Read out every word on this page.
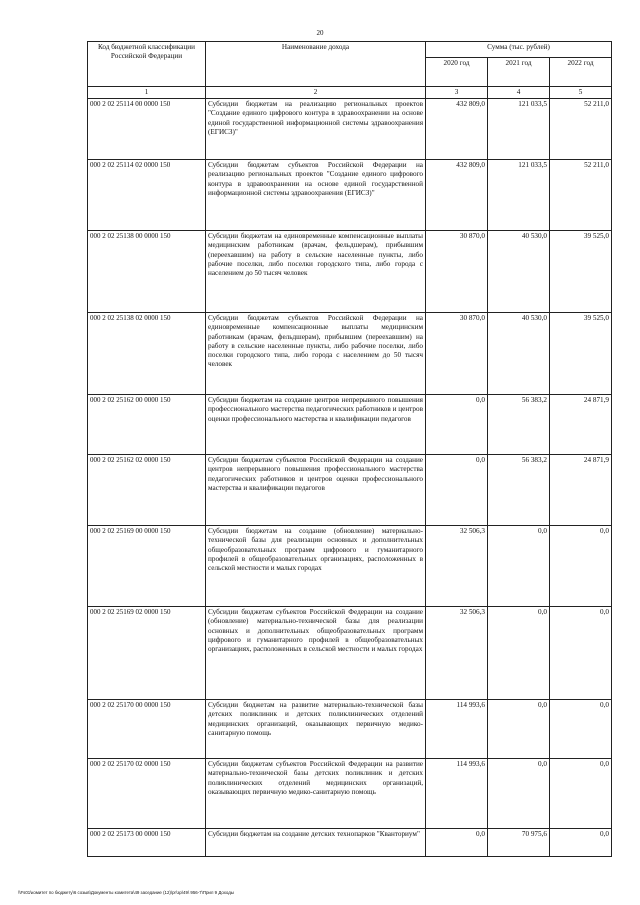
20
Код бюджетной классификации Российской Федерации	Наименование дохода	Сумма (тыс. рублей)		
		2020 год	2021 год	2022 год
1	2	3	4	5
000 2 02 25114 00 0000 150	Субсидии бюджетам на реализацию региональных проектов "Создание единого цифрового контура в здравоохранении на основе единой государственной информационной системы здравоохранения (ЕГИСЗ)"	432 809,0	121 033,5	52 211,0
000 2 02 25114 02 0000 150	Субсидии бюджетам субъектов Российской Федерации на реализацию региональных проектов "Создание единого цифрового контура в здравоохранении на основе единой государственной информационной системы здравоохранения (ЕГИСЗ)"	432 809,0	121 033,5	52 211,0
000 2 02 25138 00 0000 150	Субсидии бюджетам на единовременные компенсационные выплаты медицинским работникам (врачам, фельдшерам), прибывшим (переехавшим) на работу в сельские населенные пункты, либо рабочие поселки, либо поселки городского типа, либо города с населением до 50 тысяч человек	30 870,0	40 530,0	39 525,0
000 2 02 25138 02 0000 150	Субсидии бюджетам субъектов Российской Федерации на единовременные компенсационные выплаты медицинским работникам (врачам, фельдшерам), прибывшим (переехавшим) на работу в сельские населенные пункты, либо рабочие поселки, либо поселки городского типа, либо города с населением до 50 тысяч человек	30 870,0	40 530,0	39 525,0
000 2 02 25162 00 0000 150	Субсидии бюджетам на создание центров непрерывного повышения профессионального мастерства педагогических работников и центров оценки профессионального мастерства и квалификации педагогов	0,0	56 383,2	24 871,9
000 2 02 25162 02 0000 150	Субсидии бюджетам субъектов Российской Федерации на создание центров непрерывного повышения профессионального мастерства педагогических работников и центров оценки профессионального мастерства и квалификации педагогов	0,0	56 383,2	24 871,9
000 2 02 25169 00 0000 150	Субсидии бюджетам на создание (обновление) материально-технической базы для реализации основных и дополнительных общеобразовательных программ цифрового и гуманитарного профилей в общеобразовательных организациях, расположенных в сельской местности и малых городах	32 506,3	0,0	0,0
000 2 02 25169 02 0000 150	Субсидии бюджетам субъектов Российской Федерации на создание (обновление) материально-технической базы для реализации основных и дополнительных общеобразовательных программ цифрового и гуманитарного профилей в общеобразовательных организациях, расположенных в сельской местности и малых городах	32 506,3	0,0	0,0
000 2 02 25170 00 0000 150	Субсидии бюджетам на развитие материально-технической базы детских поликлиник и детских поликлинических отделений медицинских организаций, оказывающих первичную медико-санитарную помощь	114 993,6	0,0	0,0
000 2 02 25170 02 0000 150	Субсидии бюджетам субъектов Российской Федерации на развитие материально-технической базы детских поликлиник и детских поликлинических отделений медицинских организаций, оказывающих первичную медико-санитарную помощь	114 993,6	0,0	0,0
000 2 02 25173 00 0000 150	Субсидии бюджетам на создание детских технопарков "Кванториум"	0,0	70 975,6	0,0
\\Fs01\комитет по бюджету\6 созыв\Документы комитета\49 заседание (12)\рг\зр\49\ 956-7\Прил 9 Доходы
